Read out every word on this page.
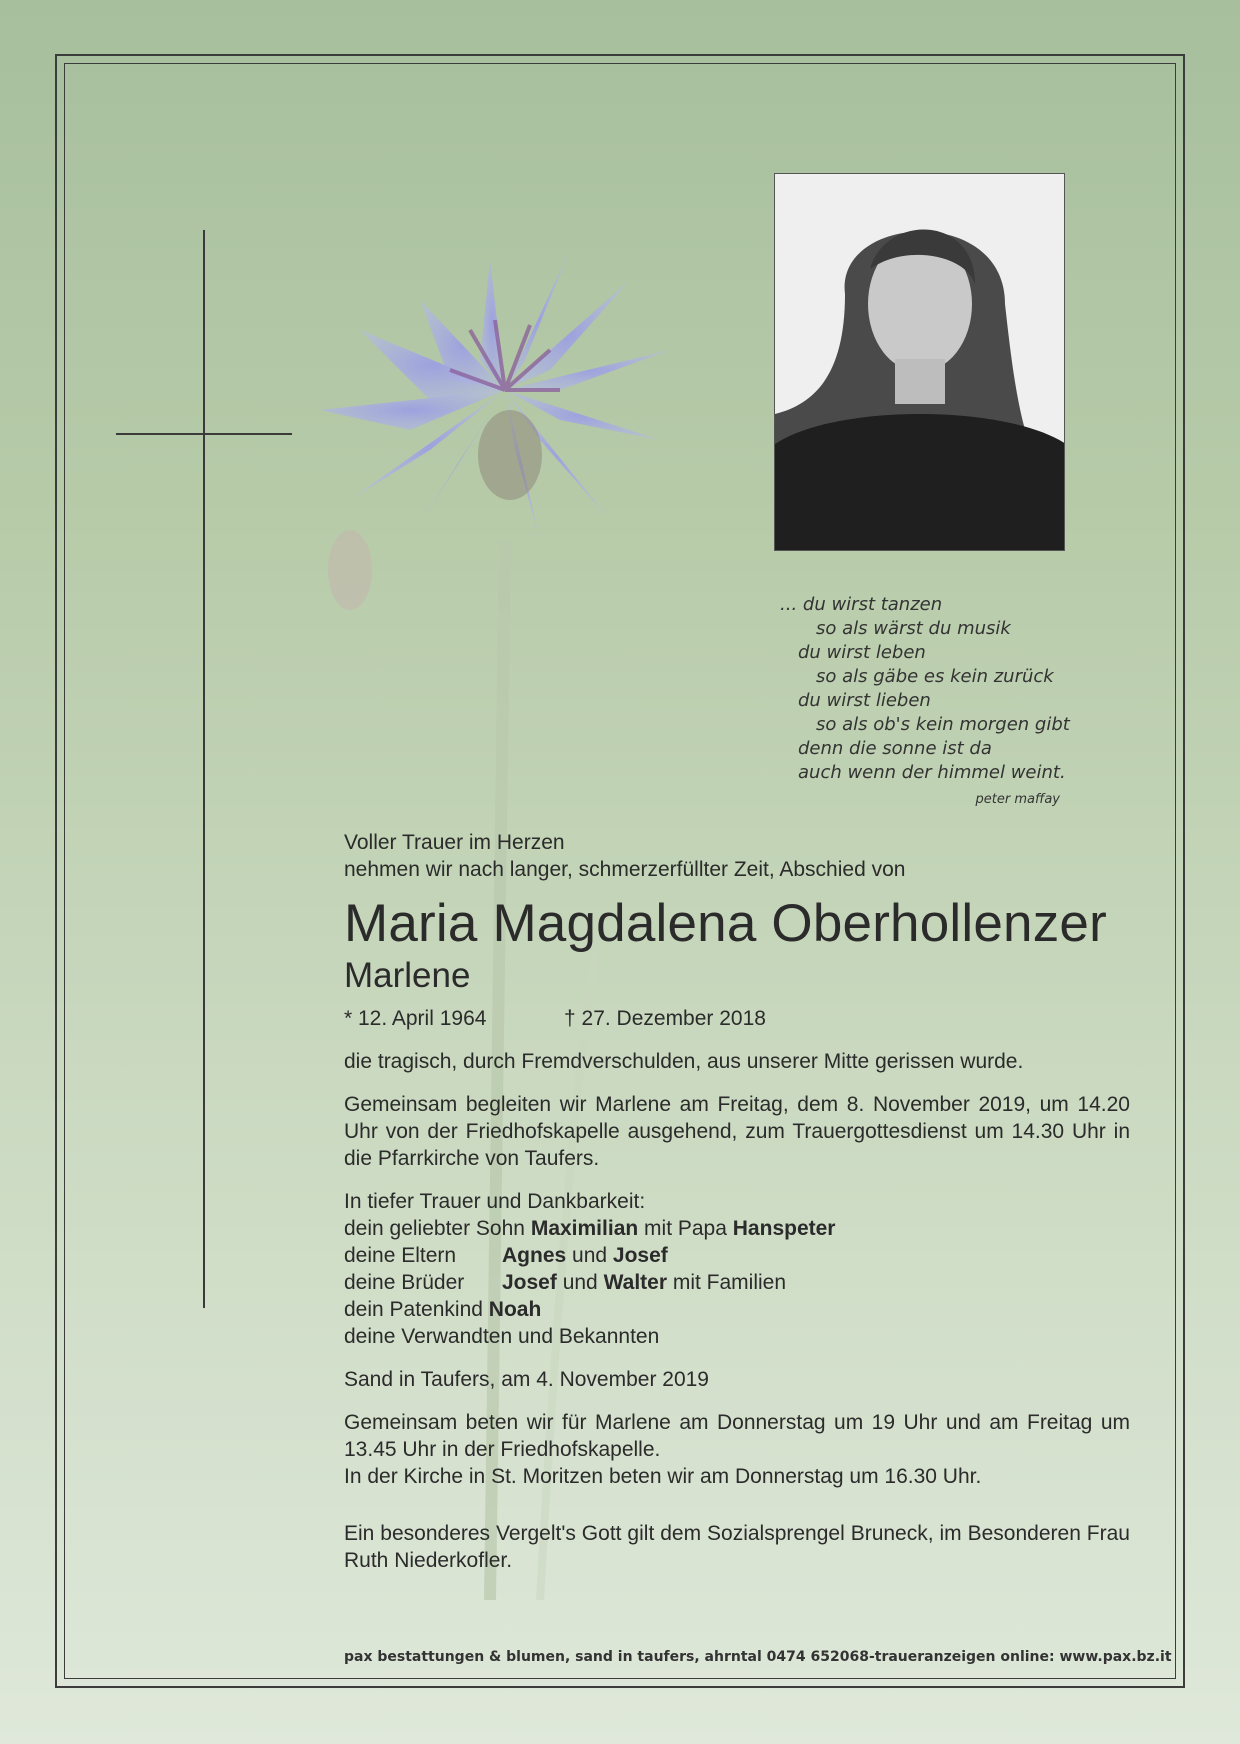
... du wirst tanzen
so als wärst du musik
du wirst leben
so als gäbe es kein zurück
du wirst lieben
so als ob's kein morgen gibt
denn die sonne ist da
auch wenn der himmel weint.
peter maffay

Voller Trauer im Herzen

nehmen wir nach langer, schmerzerfüllter Zeit, Abschied von

Maria Magdalena Oberhollenzer
Marlene
* 12. April 1964	† 27. Dezember 2018

die tragisch, durch Fremdverschulden, aus unserer Mitte gerissen wurde.

Gemeinsam begleiten wir Marlene am Freitag, dem 8. November 2019, um 14.20 Uhr von der Friedhofskapelle ausgehend, zum Trauergottesdienst um 14.30 Uhr in die Pfarrkirche von Taufers.

In tiefer Trauer und Dankbarkeit:

dein geliebter Sohn Maximilian mit Papa Hanspeter

deine Eltern	Agnes und Josef
deine Brüder	Josef und Walter mit Familien

dein Patenkind Noah

deine Verwandten und Bekannten

Sand in Taufers, am 4. November 2019

Gemeinsam beten wir für Marlene am Donnerstag um 19 Uhr und am Freitag um 13.45 Uhr in der Friedhofskapelle.

In der Kirche in St. Moritzen beten wir am Donnerstag um 16.30 Uhr.

Ein besonderes Vergelt's Gott gilt dem Sozialsprengel Bruneck, im Besonderen Frau Ruth Niederkofler.

pax bestattungen & blumen, sand in taufers, ahrntal 0474 652068-traueranzeigen online: www.pax.bz.it
